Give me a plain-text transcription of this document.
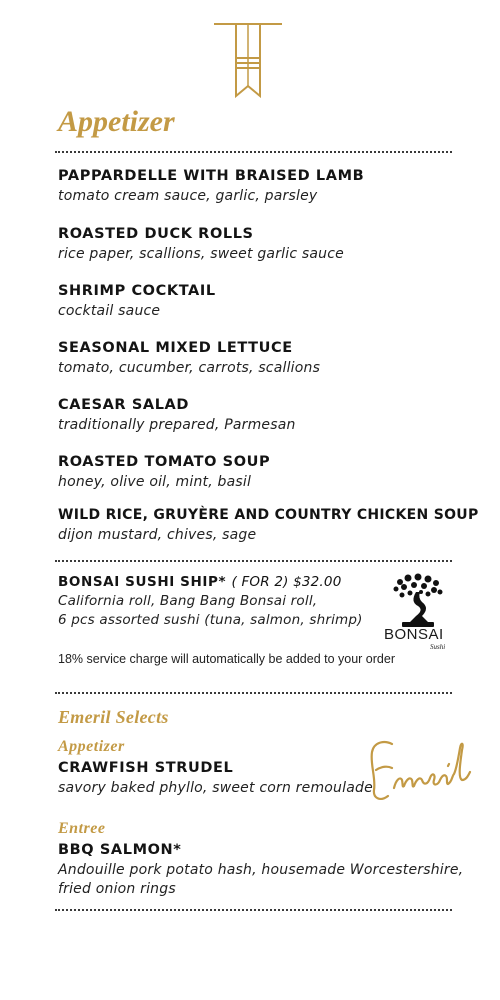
Appetizer
PAPPARDELLE WITH BRAISED LAMB
tomato cream sauce, garlic, parsley
ROASTED DUCK ROLLS
rice paper, scallions, sweet garlic sauce
SHRIMP COCKTAIL
cocktail sauce
SEASONAL MIXED LETTUCE
tomato, cucumber, carrots, scallions
CAESAR SALAD
traditionally prepared, Parmesan
ROASTED TOMATO SOUP
honey, olive oil, mint, basil
WILD RICE, GRUYÈRE AND COUNTRY CHICKEN SOUP
dijon mustard, chives, sage
BONSAI SUSHI SHIP* ( FOR 2) $32.00
California roll, Bang Bang Bonsai roll,
6 pcs assorted sushi (tuna, salmon, shrimp)
BONSAI
Sushi
18% service charge will automatically be added to your order
Emeril Selects
Appetizer
CRAWFISH STRUDEL
savory baked phyllo, sweet corn remoulade
Entree
BBQ SALMON*
Andouille pork potato hash, housemade Worcestershire,
fried onion rings
